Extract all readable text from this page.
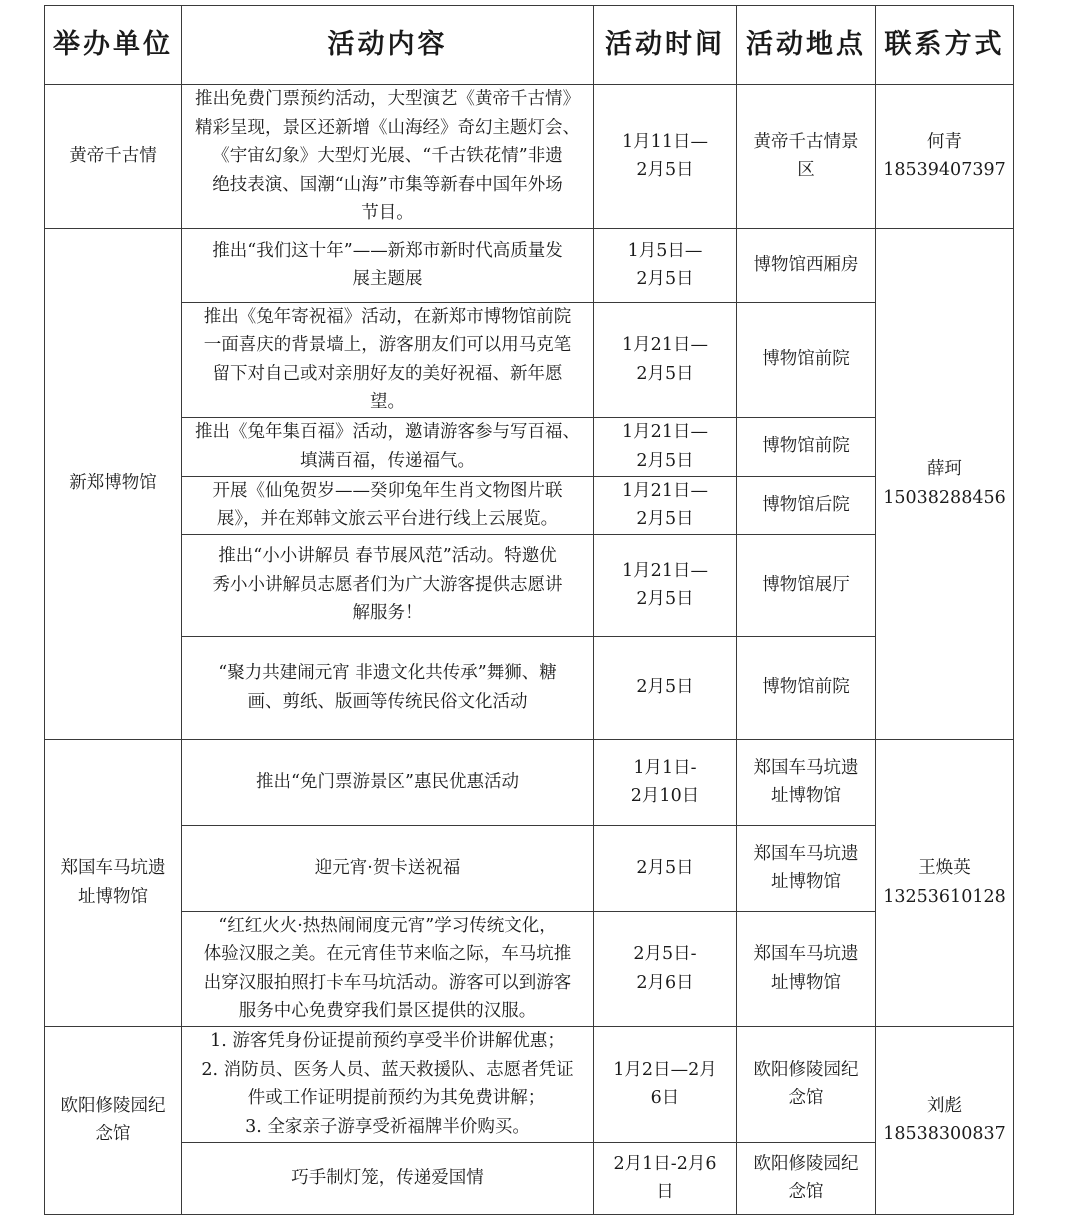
举办单位	活动内容	活动时间	活动地点	联系方式

黄帝千古情	推出免费门票预约活动，大型演艺《黄帝千古情》
精彩呈现，景区还新增《山海经》奇幻主题灯会、
《宇宙幻象》大型灯光展、“千古铁花情”非遗
绝技表演、国潮“山海”市集等新春中国年外场
节目。	1月11日—
2月5日	黄帝千古情景
区	何青
18539407397

新郑博物馆	推出“我们这十年”——新郑市新时代高质量发
展主题展	1月5日—
2月5日	博物馆西厢房	薛珂
15038288456

	推出《兔年寄祝福》活动，在新郑市博物馆前院
一面喜庆的背景墙上，游客朋友们可以用马克笔
留下对自己或对亲朋好友的美好祝福、新年愿
望。	1月21日—
2月5日	博物馆前院	

	推出《兔年集百福》活动，邀请游客参与写百福、
填满百福，传递福气。	1月21日—
2月5日	博物馆前院	

	开展《仙兔贺岁——癸卯兔年生肖文物图片联
展》，并在郑韩文旅云平台进行线上云展览。	1月21日—
2月5日	博物馆后院	

	推出“小小讲解员 春节展风范”活动。特邀优
秀小小讲解员志愿者们为广大游客提供志愿讲
解服务！	1月21日—
2月5日	博物馆展厅	

	“聚力共建闹元宵 非遗文化共传承”舞狮、糖
画、剪纸、版画等传统民俗文化活动	2月5日	博物馆前院	

郑国车马坑遗
址博物馆	推出“免门票游景区”惠民优惠活动	1月1日-
2月10日	郑国车马坑遗
址博物馆	王焕英
13253610128

	迎元宵·贺卡送祝福	2月5日	郑国车马坑遗
址博物馆	

	“红红火火·热热闹闹度元宵”学习传统文化，
体验汉服之美。在元宵佳节来临之际，车马坑推
出穿汉服拍照打卡车马坑活动。游客可以到游客
服务中心免费穿我们景区提供的汉服。	2月5日-
2月6日	郑国车马坑遗
址博物馆	

欧阳修陵园纪
念馆	1. 游客凭身份证提前预约享受半价讲解优惠；
2. 消防员、医务人员、蓝天救援队、志愿者凭证
件或工作证明提前预约为其免费讲解；
3. 全家亲子游享受祈福牌半价购买。	1月2日—2月
6日	欧阳修陵园纪
念馆	刘彪
18538300837

	巧手制灯笼，传递爱国情	2月1日-2月6
日	欧阳修陵园纪
念馆	
